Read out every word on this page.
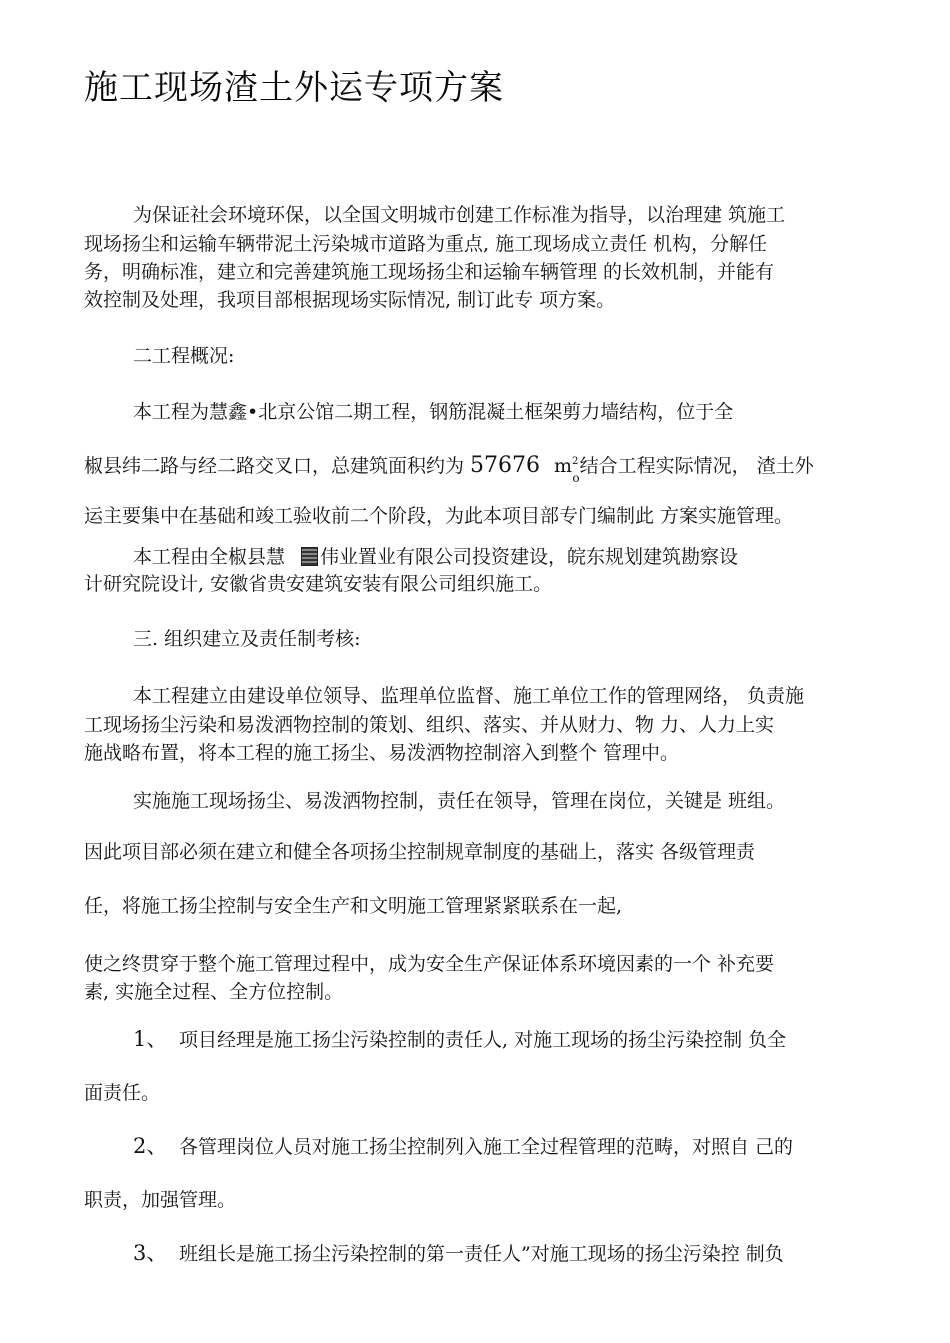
施工现场渣土外运专项方案

为保证社会环境环保，以全国文明城市创建工作标准为指导，以治理建 筑施工

现场扬尘和运输车辆带泥土污染城市道路为重点, 施工现场成立责任 机构，分解任

务，明确标准，建立和完善建筑施工现场扬尘和运输车辆管理 的长效机制，并能有

效控制及处理，我项目部根据现场实际情况, 制订此专 项方案。

二工程概况:

本工程为慧鑫•北京公馆二期工程，钢筋混凝土框架剪力墙结构，位于全

椒县纬二路与经二路交叉口，总建筑面积约为 57676 $m^2_o$结合工程实际情况， 渣土外

运主要集中在基础和竣工验收前二个阶段，为此本项目部专门编制此 方案实施管理。

本工程由全椒县慧 伟业置业有限公司投资建设，皖东规划建筑勘察设

计研究院设计, 安徽省贵安建筑安装有限公司组织施工。

三. 组织建立及责任制考核:

本工程建立由建设单位领导、监理单位监督、施工单位工作的管理网络， 负责施

工现场扬尘污染和易泼洒物控制的策划、组织、落实、并从财力、物 力、人力上实

施战略布置，将本工程的施工扬尘、易泼洒物控制溶入到整个 管理中。

实施施工现场扬尘、易泼洒物控制，责任在领导，管理在岗位，关键是 班组。

因此项目部必须在建立和健全各项扬尘控制规章制度的基础上，落实 各级管理责

任，将施工扬尘控制与安全生产和文明施工管理紧紧联系在一起,

使之终贯穿于整个施工管理过程中，成为安全生产保证体系环境因素的一个 补充要

素, 实施全过程、全方位控制。

1、 项目经理是施工扬尘污染控制的责任人, 对施工现场的扬尘污染控制 负全

面责任。

2、 各管理岗位人员对施工扬尘控制列入施工全过程管理的范畴，对照自 己的

职责，加强管理。

3、 班组长是施工扬尘污染控制的第一责任人”对施工现场的扬尘污染控 制负
